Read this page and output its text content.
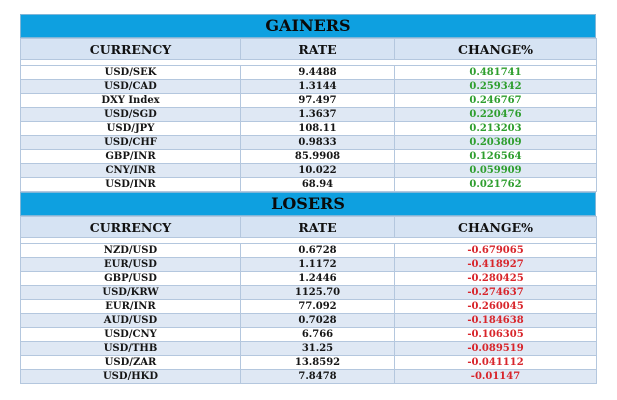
GAINERS
CURRENCY	RATE	CHANGE%

USD/SEK	9.4488	0.481741
USD/CAD	1.3144	0.259342
DXY Index	97.497	0.246767
USD/SGD	1.3637	0.220476
USD/JPY	108.11	0.213203
USD/CHF	0.9833	0.203809
GBP/INR	85.9908	0.126564
CNY/INR	10.022	0.059909
USD/INR	68.94	0.021762
LOSERS
CURRENCY	RATE	CHANGE%

NZD/USD	0.6728	-0.679065
EUR/USD	1.1172	-0.418927
GBP/USD	1.2446	-0.280425
USD/KRW	1125.70	-0.274637
EUR/INR	77.092	-0.260045
AUD/USD	0.7028	-0.184638
USD/CNY	6.766	-0.106305
USD/THB	31.25	-0.089519
USD/ZAR	13.8592	-0.041112
USD/HKD	7.8478	-0.01147
